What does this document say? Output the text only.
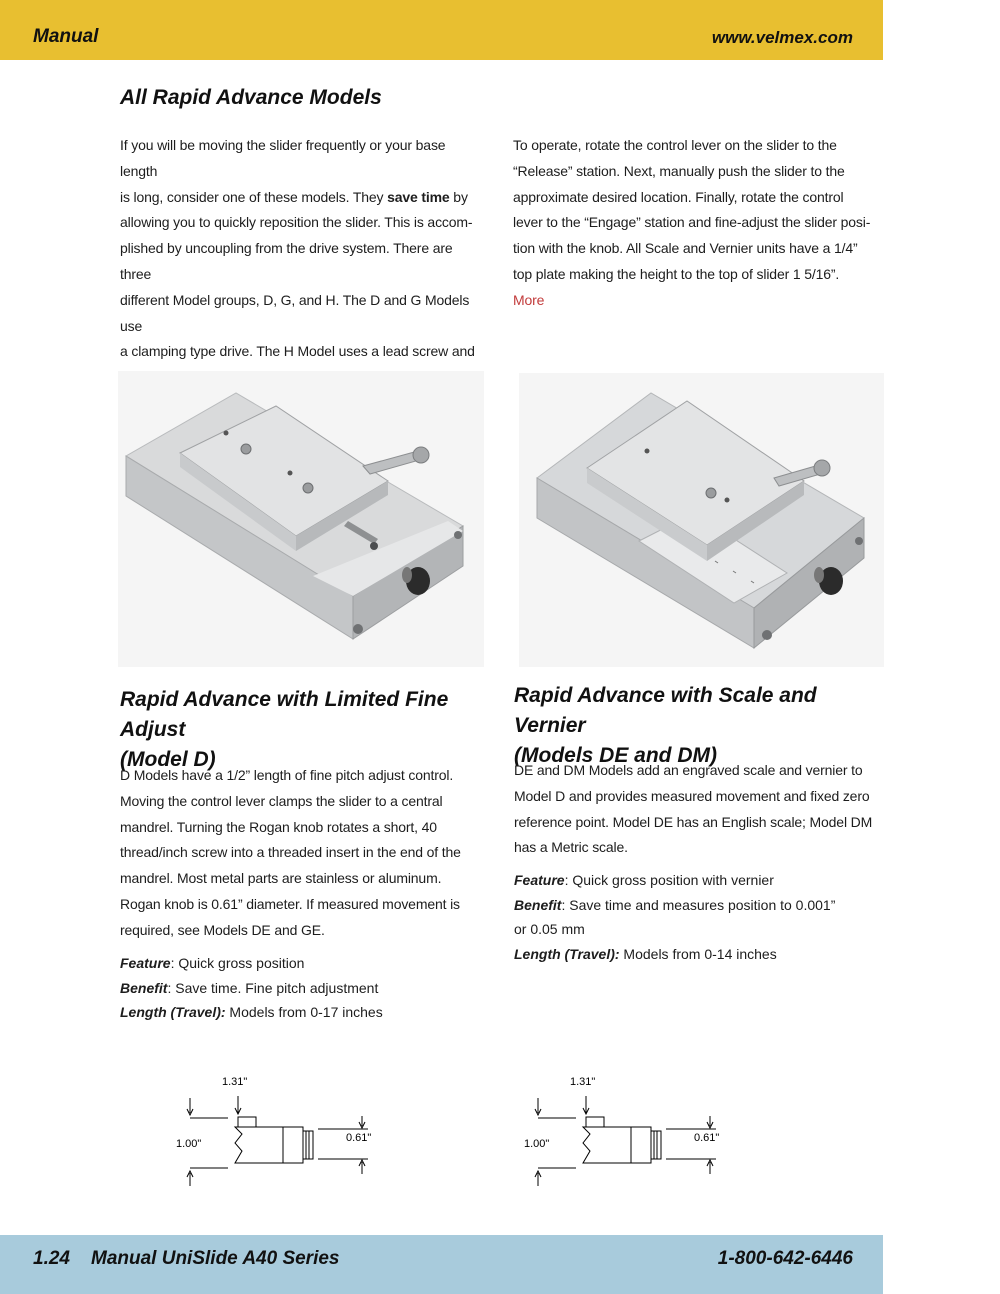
Manual	www.velmex.com
All Rapid Advance Models

If you will be moving the slider frequently or your base length

is long, consider one of these models. They save time by

allowing you to quickly reposition the slider. This is accom-

plished by uncoupling from the drive system. There are three

different Model groups, D, G, and H. The D and G Models use

a clamping type drive. The H Model uses a lead screw and

To operate, rotate the control lever on the slider to the

“Release” station. Next, manually push the slider to the

approximate desired location. Finally, rotate the control

lever to the “Engage” station and fine-adjust the slider posi-

tion with the knob. All Scale and Vernier units have a 1/4”

top plate making the height to the top of slider 1 5/16”.

More

Rapid Advance with Limited Fine Adjust
(Model D)
Rapid Advance with Scale and Vernier
(Models DE and DM)

D Models have a 1/2” length of fine pitch adjust control.

Moving the control lever clamps the slider to a central

mandrel. Turning the Rogan knob rotates a short, 40

thread/inch screw into a threaded insert in the end of the

mandrel. Most metal parts are stainless or aluminum.

Rogan knob is 0.61” diameter. If measured movement is

required, see Models DE and GE.

DE and DM Models add an engraved scale and vernier to

Model D and provides measured movement and fixed zero

reference point. Model DE has an English scale; Model DM

has a Metric scale.

Feature: Quick gross position
Benefit: Save time. Fine pitch adjustment
Length (Travel): Models from 0-17 inches
Feature: Quick gross position with vernier
Benefit: Save time and measures position to 0.001”
or 0.05 mm
Length (Travel): Models from 0-14 inches
1.31"
1.00"	0.61"
1.31"
1.00"	0.61"
1.24 Manual UniSlide A40 Series	1-800-642-6446
